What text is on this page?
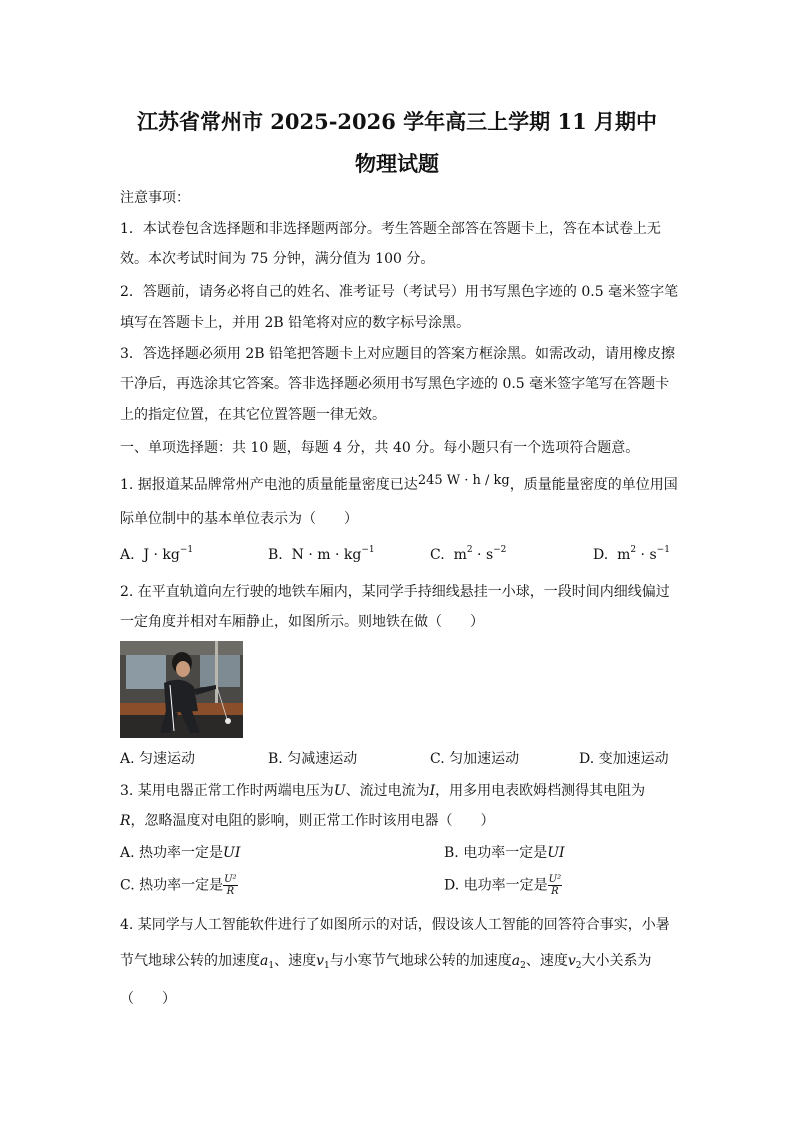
江苏省常州市 2025-2026 学年高三上学期 11 月期中
物理试题
注意事项：
1．本试卷包含选择题和非选择题两部分。考生答题全部答在答题卡上，答在本试卷上无
效。本次考试时间为 75 分钟，满分值为 100 分。
2．答题前，请务必将自己的姓名、准考证号（考试号）用书写黑色字迹的 0.5 毫米签字笔
填写在答题卡上，并用 2B 铅笔将对应的数字标号涂黑。
3．答选择题必须用 2B 铅笔把答题卡上对应题目的答案方框涂黑。如需改动，请用橡皮擦
干净后，再选涂其它答案。答非选择题必须用书写黑色字迹的 0.5 毫米签字笔写在答题卡
上的指定位置，在其它位置答题一律无效。
一、单项选择题：共 10 题，每题 4 分，共 40 分。每小题只有一个选项符合题意。
1. 据报道某品牌常州产电池的质量能量密度已达245 W · h / kg，质量能量密度的单位用国
际单位制中的基本单位表示为（　　）
A. $J \cdot kg^{-1}$	B. $N \cdot m \cdot kg^{-1}$	C. $m^2 \cdot s^{-2}$	D. $m^2 \cdot s^{-1}$
2. 在平直轨道向左行驶的地铁车厢内，某同学手持细线悬挂一小球，一段时间内细线偏过
一定角度并相对车厢静止，如图所示。则地铁在做（　　）
A. 匀速运动	B. 匀减速运动	C. 匀加速运动	D. 变加速运动
3. 某用电器正常工作时两端电压为U、流过电流为I，用多用电表欧姆档测得其电阻为
R，忽略温度对电阻的影响，则正常工作时该用电器（　　）
A. 热功率一定是UI	B. 电功率一定是UI
C. 热功率一定是 $\frac{\text{U²}}{R}$	D. 电功率一定是 $\frac{\text{U²}}{R}$
4. 某同学与人工智能软件进行了如图所示的对话，假设该人工智能的回答符合事实，小暑
节气地球公转的加速度$a_1$、速度$v_1$与小寒节气地球公转的加速度$a_2$、速度$v_2$大小关系为
（　　）
